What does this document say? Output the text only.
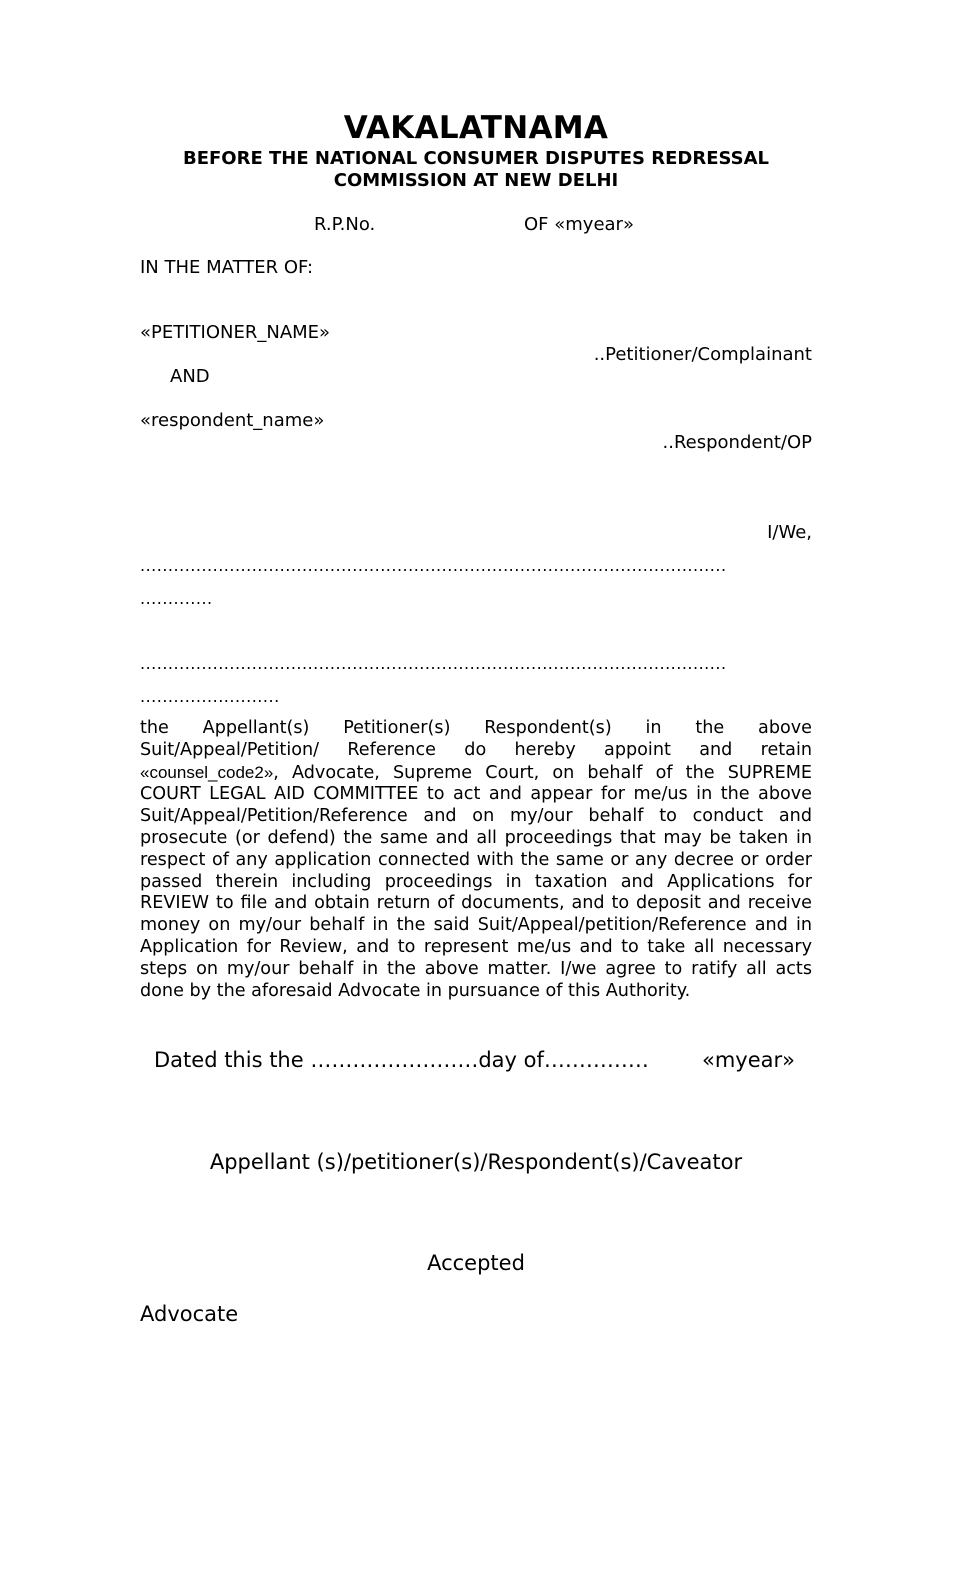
VAKALATNAMA
BEFORE THE NATIONAL CONSUMER DISPUTES REDRESSAL COMMISSION AT NEW DELHI
R.P.No.	OF «myear»
IN THE MATTER OF:
«PETITIONER_NAME»
..Petitioner/Complainant
AND
«respondent_name»
..Respondent/OP
I/We,
.........................................................................................................
.............
.........................................................................................................
.........................
the Appellant(s) Petitioner(s) Respondent(s) in the above Suit/Appeal/Petition/ Reference do hereby appoint and retain «counsel_code2», Advocate, Supreme Court, on behalf of the SUPREME COURT LEGAL AID COMMITTEE to act and appear for me/us in the above Suit/Appeal/Petition/Reference and on my/our behalf to conduct and prosecute (or defend) the same and all proceedings that may be taken in respect of any application connected with the same or any decree or order passed therein including proceedings in taxation and Applications for REVIEW to file and obtain return of documents, and to deposit and receive money on my/our behalf in the said Suit/Appeal/petition/Reference and in Application for Review, and to represent me/us and to take all necessary steps on my/our behalf in the above matter. I/we agree to ratify all acts done by the aforesaid Advocate in pursuance of this Authority.
Dated this the ……………………day of……………	«myear»
Appellant (s)/petitioner(s)/Respondent(s)/Caveator
Accepted
Advocate
